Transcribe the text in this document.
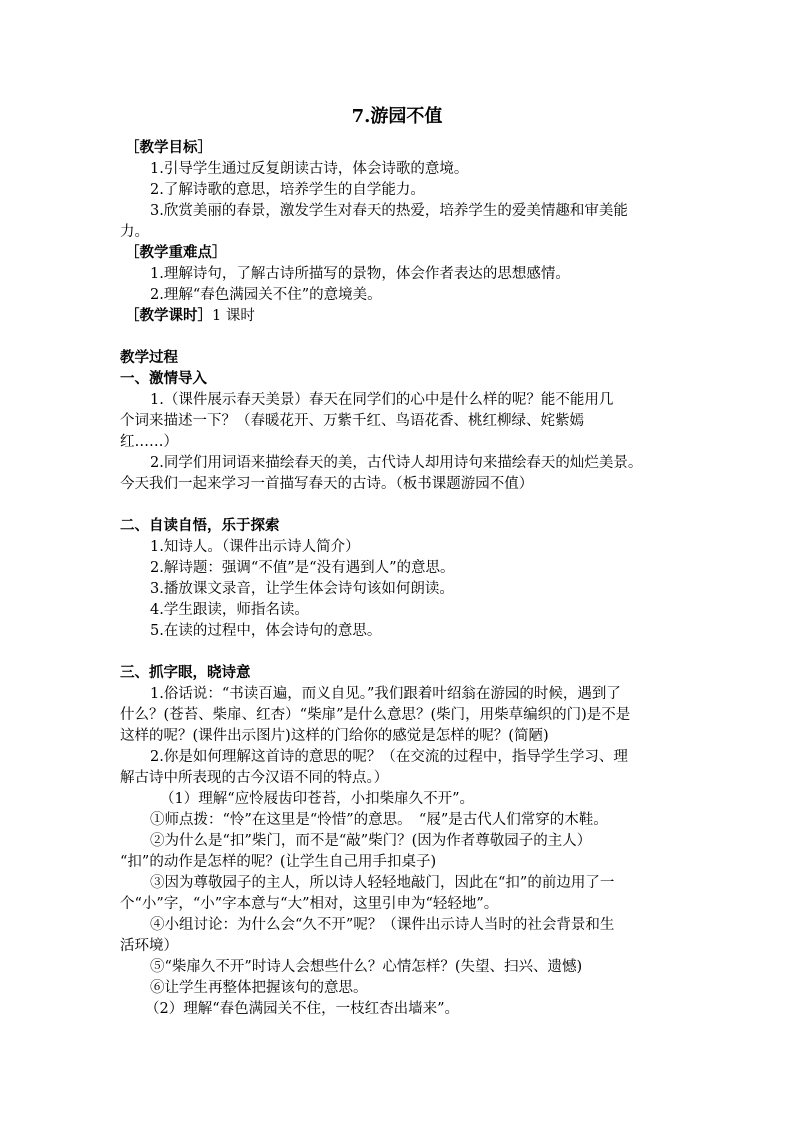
7.游园不值
［教学目标］
1.引导学生通过反复朗读古诗，体会诗歌的意境。
2.了解诗歌的意思，培养学生的自学能力。
3.欣赏美丽的春景，激发学生对春天的热爱，培养学生的爱美情趣和审美能
力。
［教学重难点］
1.理解诗句，了解古诗所描写的景物，体会作者表达的思想感情。
2.理解“春色满园关不住”的意境美。
［教学课时］1 课时
教学过程
一、激情导入
1.（课件展示春天美景）春天在同学们的心中是什么样的呢？能不能用几
个词来描述一下？（春暖花开、万紫千红、鸟语花香、桃红柳绿、姹紫嫣
红……）
2.同学们用词语来描绘春天的美，古代诗人却用诗句来描绘春天的灿烂美景。
今天我们一起来学习一首描写春天的古诗。（板书课题游园不值）
二、自读自悟，乐于探索
1.知诗人。（课件出示诗人简介）
2.解诗题：强调“不值”是“没有遇到人”的意思。
3.播放课文录音，让学生体会诗句该如何朗读。
4.学生跟读，师指名读。
5.在读的过程中，体会诗句的意思。
三、抓字眼，晓诗意
1.俗话说：“书读百遍，而义自见。”我们跟着叶绍翁在游园的时候，遇到了
什么？(苍苔、柴扉、红杏）“柴扉”是什么意思？(柴门，用柴草编织的门)是不是
这样的呢？(课件出示图片)这样的门给你的感觉是怎样的呢？(简陋)
2.你是如何理解这首诗的意思的呢？（在交流的过程中，指导学生学习、理
解古诗中所表现的古今汉语不同的特点。）
（1）理解“应怜屐齿印苍苔，小扣柴扉久不开”。
①师点拨：“怜”在这里是“怜惜”的意思。　“屐”是古代人们常穿的木鞋。
②为什么是“扣”柴门，而不是“敲”柴门？(因为作者尊敬园子的主人）
“扣”的动作是怎样的呢？(让学生自己用手扣桌子)
③因为尊敬园子的主人，所以诗人轻轻地敲门，因此在“扣”的前边用了一
个“小”字，“小”字本意与“大”相对，这里引申为“轻轻地”。
④小组讨论：为什么会“久不开”呢？（课件出示诗人当时的社会背景和生
活环境）
⑤“柴扉久不开”时诗人会想些什么？心情怎样？(失望、扫兴、遗憾)
⑥让学生再整体把握该句的意思。
（2）理解“春色满园关不住，一枝红杏出墙来”。
